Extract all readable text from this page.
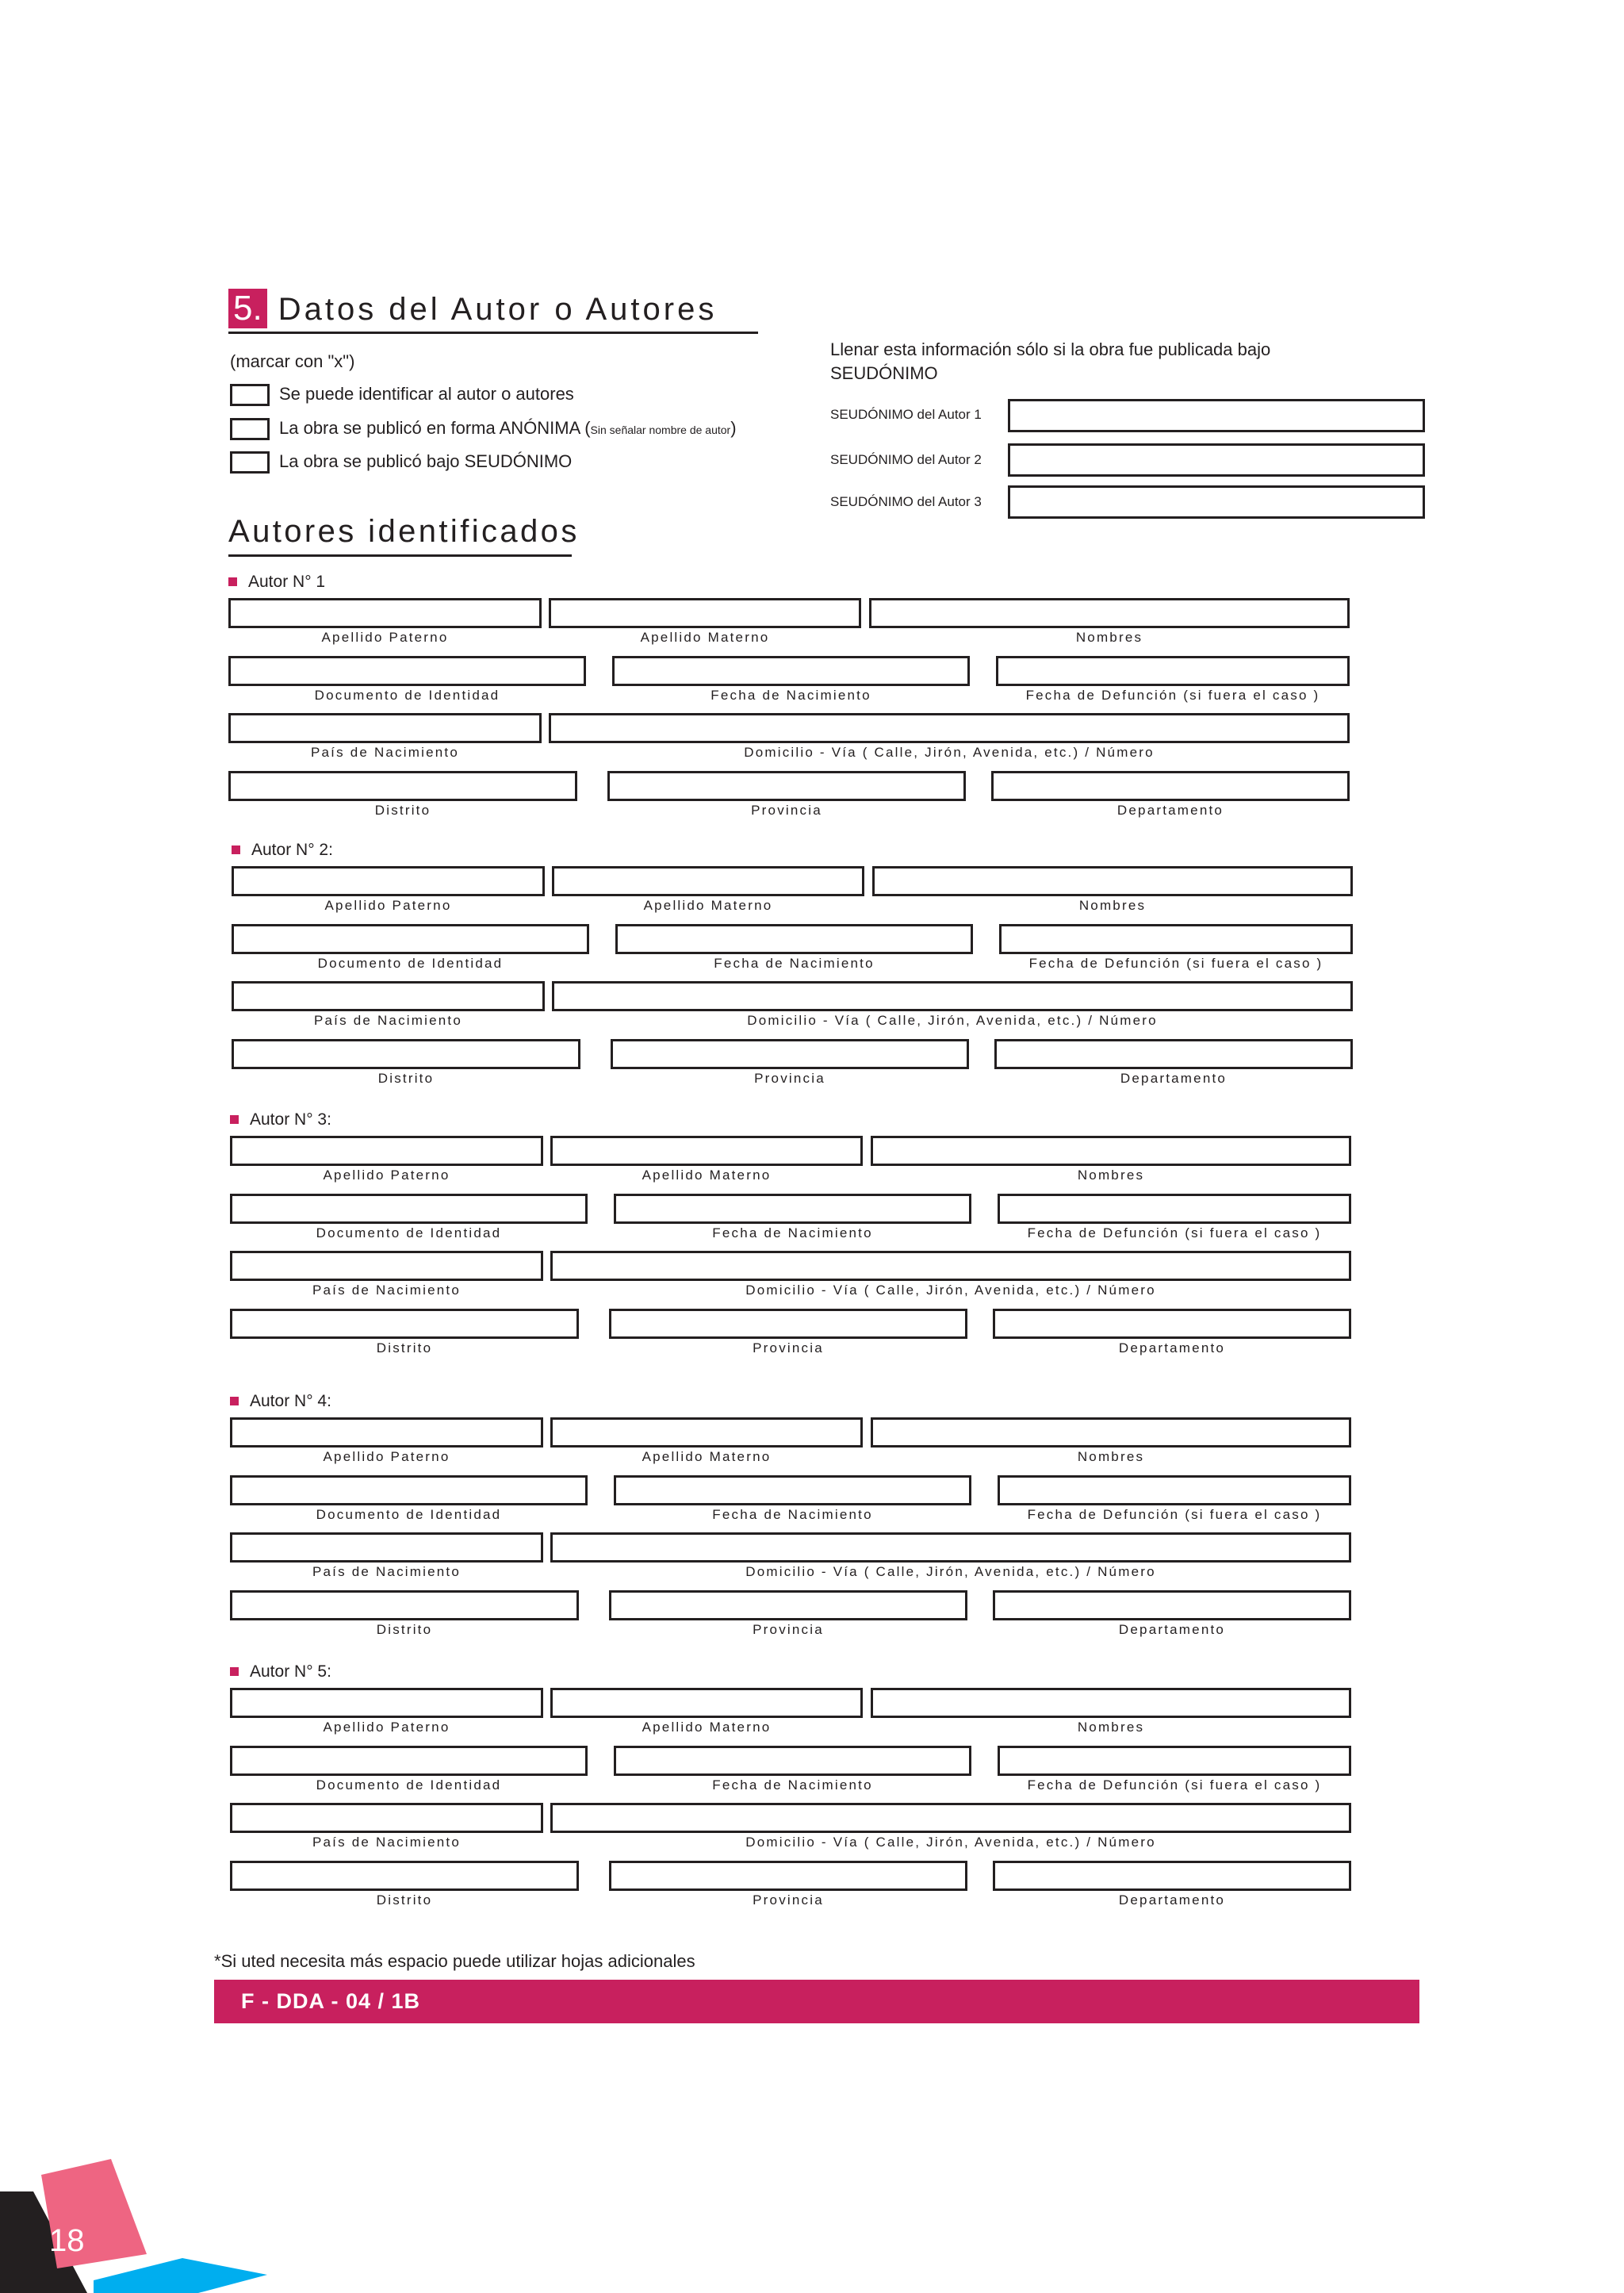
5. Datos del Autor o Autores
(marcar con "x")
Se puede identificar al autor o autores
La obra se publicó en forma ANÓNIMA (Sin señalar nombre de autor)
La obra se publicó bajo SEUDÓNIMO
Llenar esta información sólo si la obra fue publicada bajo
SEUDÓNIMO
SEUDÓNIMO del Autor 1
SEUDÓNIMO del Autor 2
SEUDÓNIMO del Autor 3
Autores identificados
Autor N° 1
Apellido Paterno	Apellido Materno	Nombres
Documento de Identidad	Fecha de Nacimiento	Fecha de Defunción (si fuera el caso )
País de Nacimiento	Domicilio - Vía ( Calle, Jirón, Avenida, etc.) / Número
Distrito	Provincia	Departamento
Autor N° 2:
Apellido Paterno	Apellido Materno	Nombres
Documento de Identidad	Fecha de Nacimiento	Fecha de Defunción (si fuera el caso )
País de Nacimiento	Domicilio - Vía ( Calle, Jirón, Avenida, etc.) / Número
Distrito	Provincia	Departamento
Autor N° 3:
Apellido Paterno	Apellido Materno	Nombres
Documento de Identidad	Fecha de Nacimiento	Fecha de Defunción (si fuera el caso )
País de Nacimiento	Domicilio - Vía ( Calle, Jirón, Avenida, etc.) / Número
Distrito	Provincia	Departamento
Autor N° 4:
Apellido Paterno	Apellido Materno	Nombres
Documento de Identidad	Fecha de Nacimiento	Fecha de Defunción (si fuera el caso )
País de Nacimiento	Domicilio - Vía ( Calle, Jirón, Avenida, etc.) / Número
Distrito	Provincia	Departamento
Autor N° 5:
Apellido Paterno	Apellido Materno	Nombres
Documento de Identidad	Fecha de Nacimiento	Fecha de Defunción (si fuera el caso )
País de Nacimiento	Domicilio - Vía ( Calle, Jirón, Avenida, etc.) / Número
Distrito	Provincia	Departamento
*Si uted necesita más espacio puede utilizar hojas adicionales
F - DDA - 04 / 1B
18
